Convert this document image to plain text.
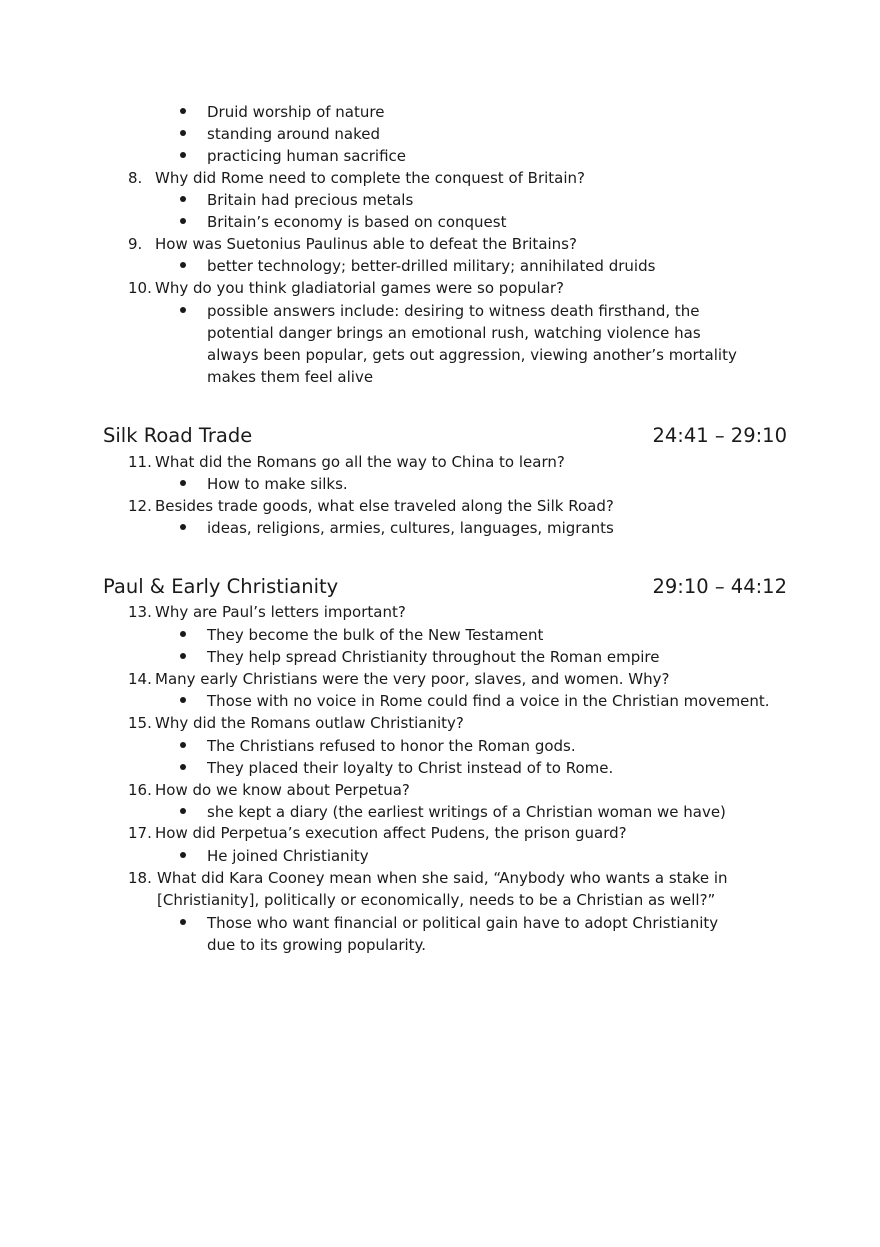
Druid worship of nature
standing around naked
practicing human sacrifice
8. Why did Rome need to complete the conquest of Britain?
Britain had precious metals
Britain’s economy is based on conquest
9. How was Suetonius Paulinus able to defeat the Britains?
better technology; better-drilled military; annihilated druids
10. Why do you think gladiatorial games were so popular?
possible answers include: desiring to witness death firsthand, the potential danger brings an emotional rush, watching violence has always been popular, gets out aggression, viewing another’s mortality makes them feel alive
Silk Road Trade	24:41 – 29:10
11. What did the Romans go all the way to China to learn?
How to make silks.
12. Besides trade goods, what else traveled along the Silk Road?
ideas, religions, armies, cultures, languages, migrants
Paul & Early Christianity	29:10 – 44:12
13. Why are Paul’s letters important?
They become the bulk of the New Testament
They help spread Christianity throughout the Roman empire
14. Many early Christians were the very poor, slaves, and women. Why?
Those with no voice in Rome could find a voice in the Christian movement.
15. Why did the Romans outlaw Christianity?
The Christians refused to honor the Roman gods.
They placed their loyalty to Christ instead of to Rome.
16. How do we know about Perpetua?
she kept a diary (the earliest writings of a Christian woman we have)
17. How did Perpetua’s execution affect Pudens, the prison guard?
He joined Christianity
18. What did Kara Cooney mean when she said, “Anybody who wants a stake in
[Christianity], politically or economically, needs to be a Christian as well?”
Those who want financial or political gain have to adopt Christianity due to its growing popularity.
